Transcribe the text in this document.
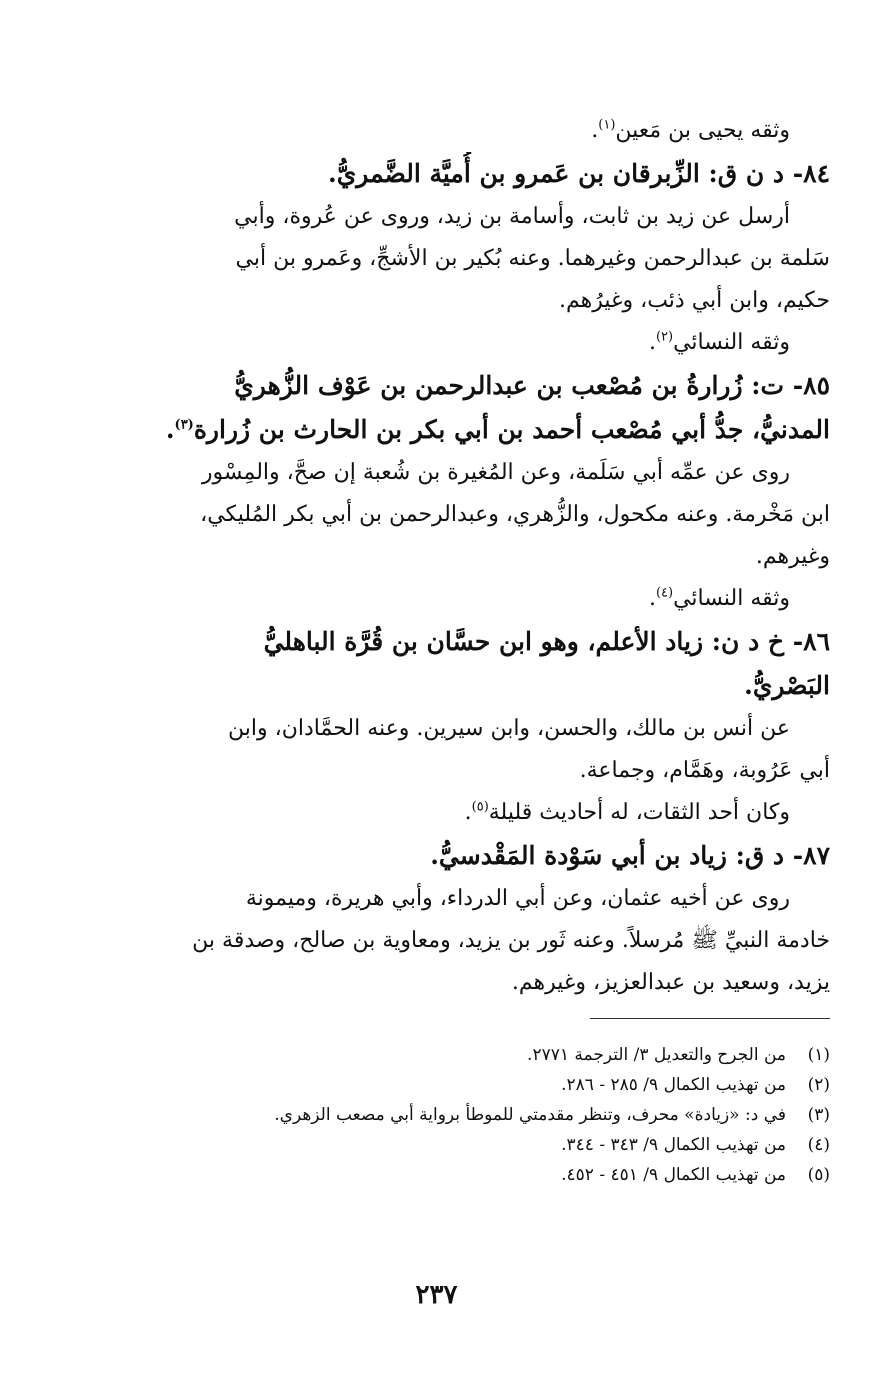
وثقه يحيى بن مَعين$^{(١)}$.
٨٤- د ن ق: الزِّبرقان بن عَمرو بن أُميَّة الضَّمريُّ.
أرسل عن زيد بن ثابت، وأسامة بن زيد، وروى عن عُروة، وأبي
سَلمة بن عبدالرحمن وغيرهما. وعنه بُكير بن الأشجِّ، وعَمرو بن أبي
حكيم، وابن أبي ذئب، وغيرُهم.
وثقه النسائي$^{(٢)}$.
٨٥- ت: زُرارةُ بن مُصْعب بن عبدالرحمن بن عَوْف الزُّهريُّ
المدنيُّ، جدُّ أبي مُصْعب أحمد بن أبي بكر بن الحارث بن زُرارة$^{(٣)}$.
روى عن عمِّه أبي سَلَمة، وعن المُغيرة بن شُعبة إن صحَّ، والمِسْور
ابن مَخْرمة. وعنه مكحول، والزُّهري، وعبدالرحمن بن أبي بكر المُليكي،
وغيرهم.
وثقه النسائي$^{(٤)}$.
٨٦- خ د ن: زياد الأعلم، وهو ابن حسَّان بن قُرَّة الباهليُّ
البَصْريُّ.
عن أنس بن مالك، والحسن، وابن سيرين. وعنه الحمَّادان، وابن
أبي عَرُوبة، وهَمَّام، وجماعة.
وكان أحد الثقات، له أحاديث قليلة$^{(٥)}$.
٨٧- د ق: زياد بن أبي سَوْدة المَقْدسيُّ.
روى عن أخيه عثمان، وعن أبي الدرداء، وأبي هريرة، وميمونة
خادمة النبيِّ ﷺ مُرسلاً. وعنه ثَور بن يزيد، ومعاوية بن صالح، وصدقة بن
يزيد، وسعيد بن عبدالعزيز، وغيرهم.
(١)من الجرح والتعديل ٣/ الترجمة ٢٧٧١.
(٢)من تهذيب الكمال ٩/ ٢٨٥ - ٢٨٦.
(٣)في د: «زيادة» محرف، وتنظر مقدمتي للموطأ برواية أبي مصعب الزهري.
(٤)من تهذيب الكمال ٩/ ٣٤٣ - ٣٤٤.
(٥)من تهذيب الكمال ٩/ ٤٥١ - ٤٥٢.
٢٣٧
